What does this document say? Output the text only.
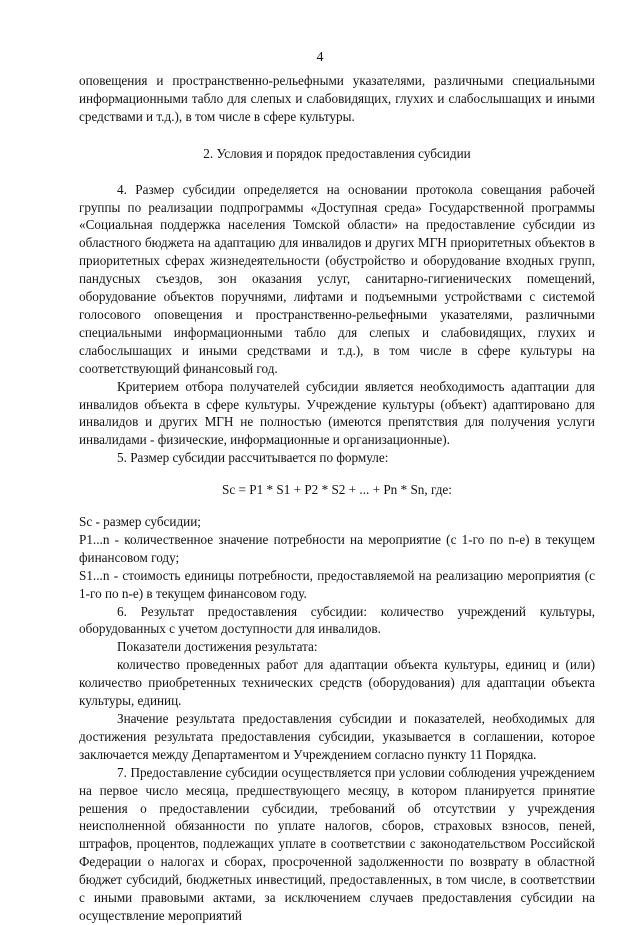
4

оповещения и пространственно-рельефными указателями, различными специальными информационными табло для слепых и слабовидящих, глухих и слабослышащих и иными средствами и т.д.), в том числе в сфере культуры.

2. Условия и порядок предоставления субсидии

4. Размер субсидии определяется на основании протокола совещания рабочей группы по реализации подпрограммы «Доступная среда» Государственной программы «Социальная поддержка населения Томской области» на предоставление субсидии из областного бюджета на адаптацию для инвалидов и других МГН приоритетных объектов в приоритетных сферах жизнедеятельности (обустройство и оборудование входных групп, пандусных съездов, зон оказания услуг, санитарно-гигиенических помещений, оборудование объектов поручнями, лифтами и подъемными устройствами с системой голосового оповещения и пространственно-рельефными указателями, различными специальными информационными табло для слепых и слабовидящих, глухих и слабослышащих и иными средствами и т.д.), в том числе в сфере культуры на соответствующий финансовый год.

Критерием отбора получателей субсидии является необходимость адаптации для инвалидов объекта в сфере культуры. Учреждение культуры (объект) адаптировано для инвалидов и других МГН не полностью (имеются препятствия для получения услуги инвалидами - физические, информационные и организационные).

5. Размер субсидии рассчитывается по формуле:

Sc = P1 * S1 + P2 * S2 + ... + Pn * Sn, где:

Sc - размер субсидии;

P1...n - количественное значение потребности на мероприятие (с 1-го по n-е) в текущем финансовом году;

S1...n - стоимость единицы потребности, предоставляемой на реализацию мероприятия (с 1-го по n-е) в текущем финансовом году.

6. Результат предоставления субсидии: количество учреждений культуры, оборудованных с учетом доступности для инвалидов.

Показатели достижения результата:

количество проведенных работ для адаптации объекта культуры, единиц и (или) количество приобретенных технических средств (оборудования) для адаптации объекта культуры, единиц.

Значение результата предоставления субсидии и показателей, необходимых для достижения результата предоставления субсидии, указывается в соглашении, которое заключается между Департаментом и Учреждением согласно пункту 11 Порядка.

7. Предоставление субсидии осуществляется при условии соблюдения учреждением на первое число месяца, предшествующего месяцу, в котором планируется принятие решения о предоставлении субсидии, требований об отсутствии у учреждения неисполненной обязанности по уплате налогов, сборов, страховых взносов, пеней, штрафов, процентов, подлежащих уплате в соответствии с законодательством Российской Федерации о налогах и сборах, просроченной задолженности по возврату в областной бюджет субсидий, бюджетных инвестиций, предоставленных, в том числе, в соответствии с иными правовыми актами, за исключением случаев предоставления субсидии на осуществление мероприятий
